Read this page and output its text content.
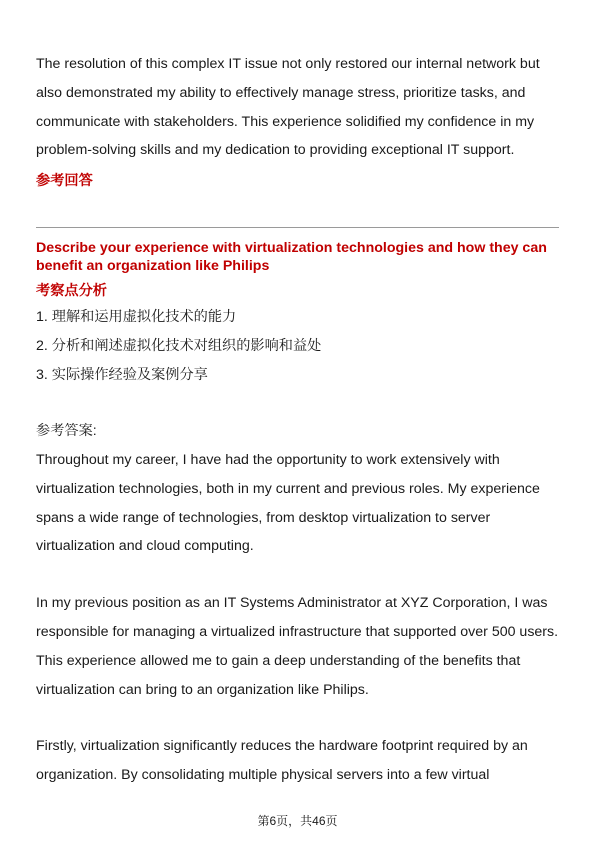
The resolution of this complex IT issue not only restored our internal network but also demonstrated my ability to effectively manage stress, prioritize tasks, and communicate with stakeholders. This experience solidified my confidence in my problem-solving skills and my dedication to providing exceptional IT support.

参考回答

Describe your experience with virtualization technologies and how they can benefit an organization like Philips

考察点分析

1. 理解和运用虚拟化技术的能力
2. 分析和阐述虚拟化技术对组织的影响和益处
3. 实际操作经验及案例分享

参考答案:

Throughout my career, I have had the opportunity to work extensively with virtualization technologies, both in my current and previous roles. My experience spans a wide range of technologies, from desktop virtualization to server virtualization and cloud computing.

In my previous position as an IT Systems Administrator at XYZ Corporation, I was responsible for managing a virtualized infrastructure that supported over 500 users. This experience allowed me to gain a deep understanding of the benefits that virtualization can bring to an organization like Philips.

Firstly, virtualization significantly reduces the hardware footprint required by an organization. By consolidating multiple physical servers into a few virtual

第6页，共46页
